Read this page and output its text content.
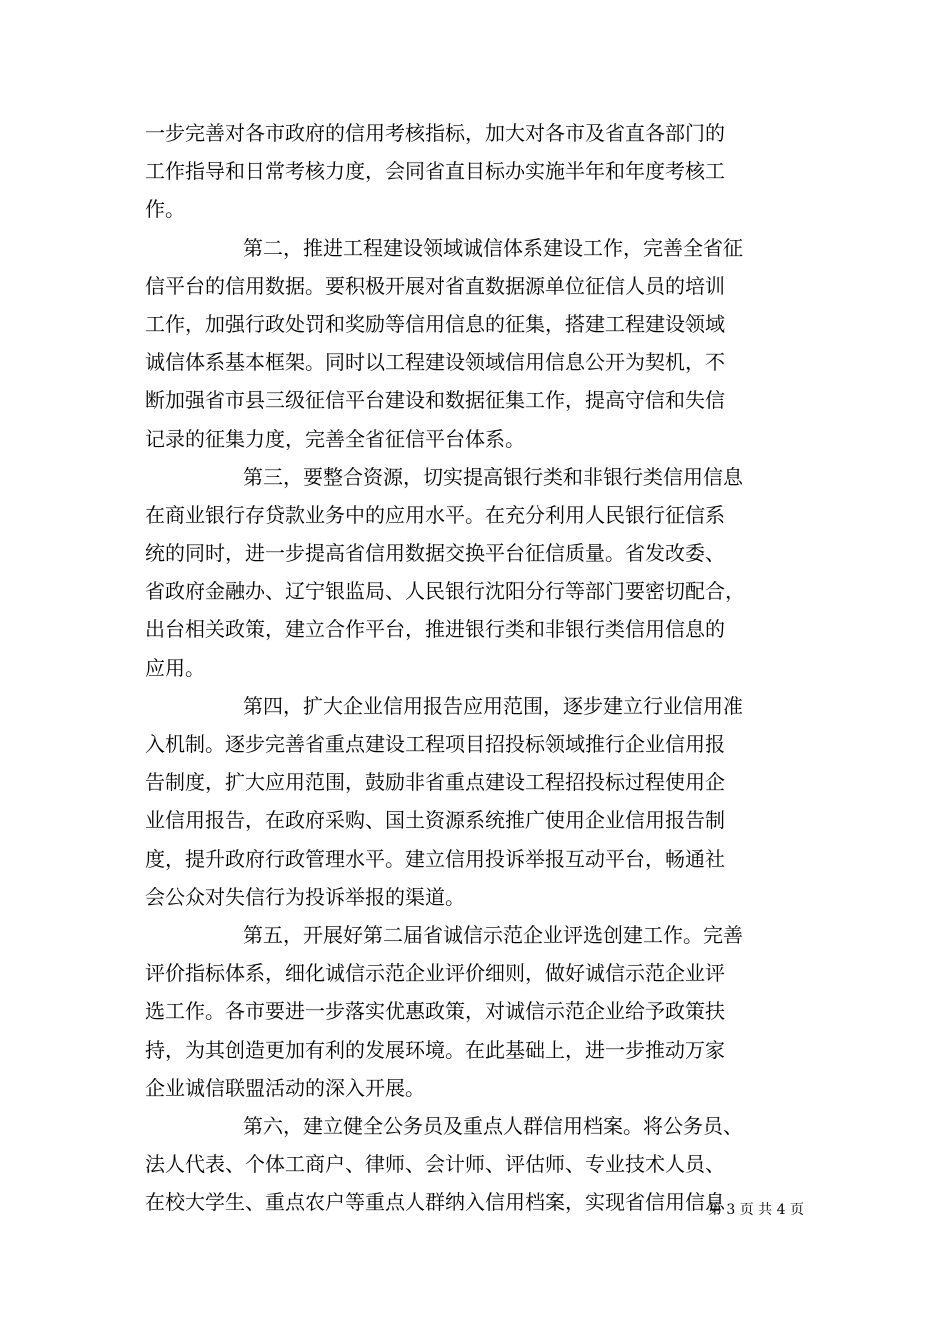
一步完善对各市政府的信用考核指标，加大对各市及省直各部门的
工作指导和日常考核力度，会同省直目标办实施半年和年度考核工
作。
第二，推进工程建设领域诚信体系建设工作，完善全省征
信平台的信用数据。要积极开展对省直数据源单位征信人员的培训
工作，加强行政处罚和奖励等信用信息的征集，搭建工程建设领域
诚信体系基本框架。同时以工程建设领域信用信息公开为契机，不
断加强省市县三级征信平台建设和数据征集工作，提高守信和失信
记录的征集力度，完善全省征信平台体系。
第三，要整合资源，切实提高银行类和非银行类信用信息
在商业银行存贷款业务中的应用水平。在充分利用人民银行征信系
统的同时，进一步提高省信用数据交换平台征信质量。省发改委、
省政府金融办、辽宁银监局、人民银行沈阳分行等部门要密切配合，
出台相关政策，建立合作平台，推进银行类和非银行类信用信息的
应用。
第四，扩大企业信用报告应用范围，逐步建立行业信用准
入机制。逐步完善省重点建设工程项目招投标领域推行企业信用报
告制度，扩大应用范围，鼓励非省重点建设工程招投标过程使用企
业信用报告，在政府采购、国土资源系统推广使用企业信用报告制
度，提升政府行政管理水平。建立信用投诉举报互动平台，畅通社
会公众对失信行为投诉举报的渠道。
第五，开展好第二届省诚信示范企业评选创建工作。完善
评价指标体系，细化诚信示范企业评价细则，做好诚信示范企业评
选工作。各市要进一步落实优惠政策，对诚信示范企业给予政策扶
持，为其创造更加有利的发展环境。在此基础上，进一步推动万家
企业诚信联盟活动的深入开展。
第六，建立健全公务员及重点人群信用档案。将公务员、
法人代表、个体工商户、律师、会计师、评估师、专业技术人员、
在校大学生、重点农户等重点人群纳入信用档案，实现省信用信息
第 3 页 共 4 页
